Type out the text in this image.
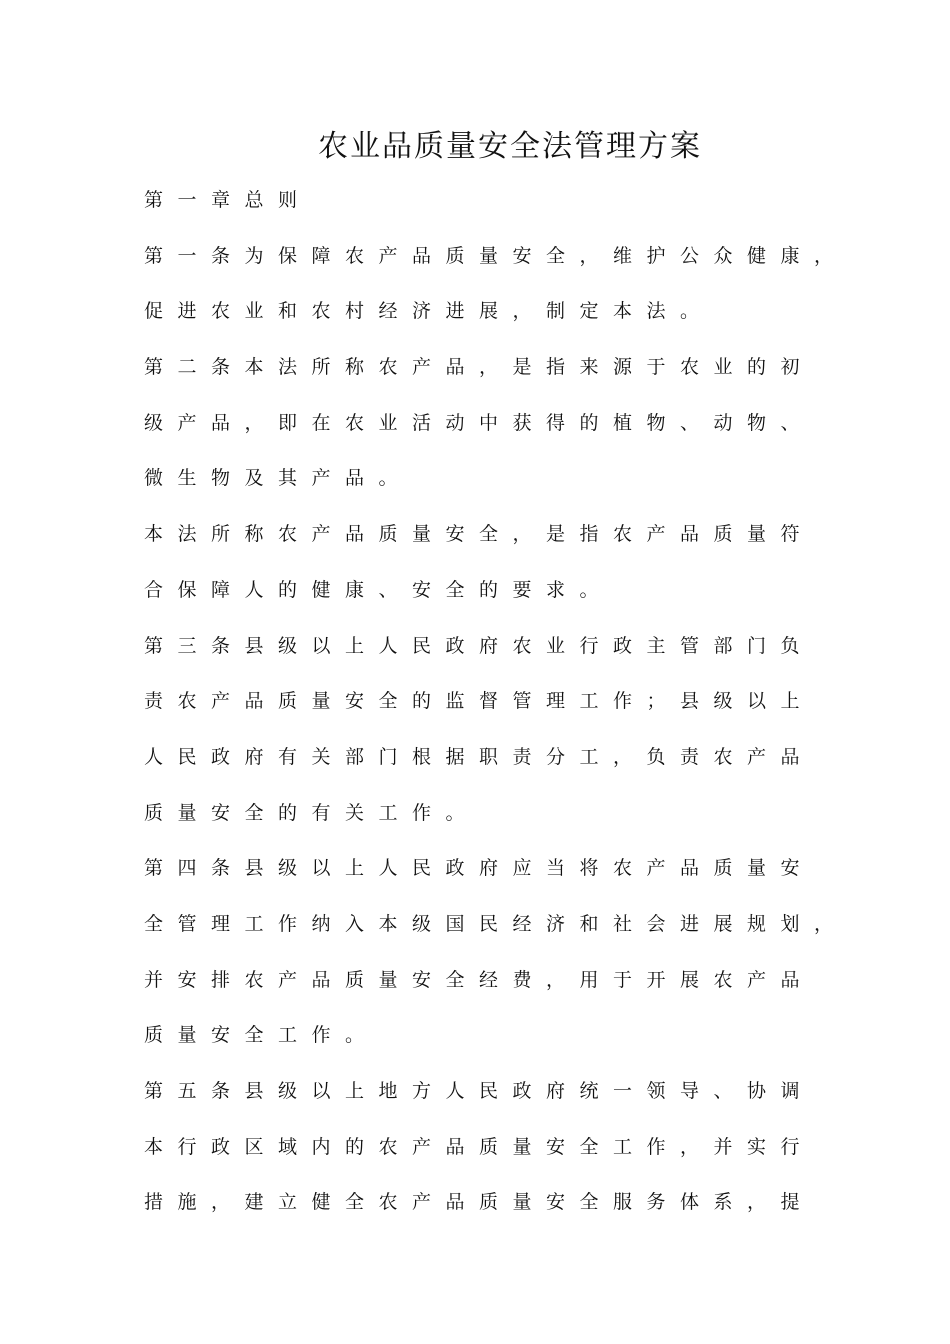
农业品质量安全法管理方案
第一章总则
第一条为保障农产品质量安全，维护公众健康，
促进农业和农村经济进展，制定本法。
第二条本法所称农产品，是指来源于农业的初
级产品，即在农业活动中获得的植物、动物、
微生物及其产品。
本法所称农产品质量安全，是指农产品质量符
合保障人的健康、安全的要求。
第三条县级以上人民政府农业行政主管部门负
责农产品质量安全的监督管理工作；县级以上
人民政府有关部门根据职责分工，负责农产品
质量安全的有关工作。
第四条县级以上人民政府应当将农产品质量安
全管理工作纳入本级国民经济和社会进展规划，
并安排农产品质量安全经费，用于开展农产品
质量安全工作。
第五条县级以上地方人民政府统一领导、协调
本行政区域内的农产品质量安全工作，并实行
措施，建立健全农产品质量安全服务体系，提
